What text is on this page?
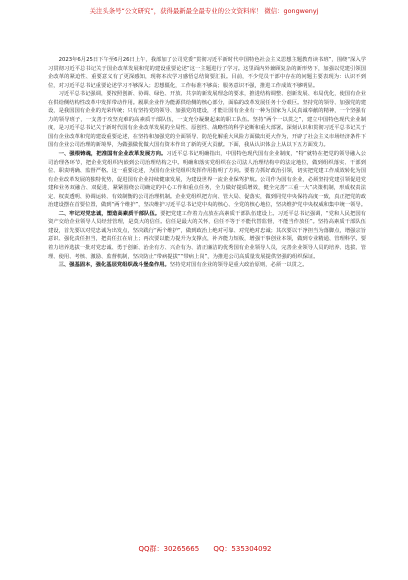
关注头条号“公文研究”，获得最新最全最专业的公文资料库！ 微信：gongwenyj

2023年6月25日下午至6月26日上午，我部加了公司党委“贯彻习近平新时代中国特色社会主义思想主题教育读书班”，围绕“深入学习贯彻习近平总书记关于国企改革发展和党的建设重要论述”这一主题进行了学习。这里面内外兼顾复杂的新形势下，加强以党建引领国企改革的紧迫性、重要意义有了更深感知，现将本次学习感悟总结简要汇报。目前，不少党员干部中存在的问题主要表现为：认识不到位，对习近平总书记重要论述学习不够深入；思想僵化，工作标准不够高；服务意识不强，推进工作成效不够明显。

习近平总书记强调，要按照创新、协调、绿色、开放、共享的新发展理念的要求，推进结构调整、创新发展、布局优化，使国有企业在供给侧结构性改革中发挥带动作用。履职企业作为能源供给侧的核心部分，面临的改革发展任务十分艰巨。坚持党的领导、加强党的建设，是我国国有企业的光荣传统；只有坚持党的领导、加强党的建设，才能让国有企业有一种为国家为人民真诚奉献的精神，一个坚强有力的领导班子，一支善于攻坚克难的高素质干部队伍，一支充分凝聚起来的职工队伍。坚持“两个一以贯之”，建立中国特色现代企业制度，是习近平总书记关于新时代国有企业改革发展的全局性、原创性、战略性的科学论断和重大部署。深刻认识和贯彻习近平总书记关于国有企业改革和党的建设重要论述，在坚持和加强党的全面领导、防范化解重大风险方面做出更大作为，开辟了社会主义市场经济条件下国有企业公司治理的新境界，为做强做优做大国有资本作出了新的更大贡献。下面，我从认识体会上从以下五方面发力。

一、强根铸魂，把准国有企业改革发展方向。习近平总书记明确指出，中国特色现代国有企业制度，“特”就特在把党的领导融入公司治理各环节，把企业党组织内嵌到公司治理结构之中。明确和落实党组织在公司法人治理结构中的法定地位，做到组织落实、干部到位、职责明确、监督严格。这一重要论述，为国有企业党组织发挥作用指明了方向。要着力抓好政治引领，切实把党建工作成效转化为国有企业改革发展的独特优势，促进国有企业持续健康发展，为建设世界一流企业保驾护航。公司作为国有企业，必须坚持党建引领促进党建和业务双融合、双促进，紧紧围绕公司确定的中心工作和重点任务，全力做好提质增效，健全完善“三重一大”决策机制，形成权责法定、权责透明、协调运转、有效制衡的公司治理机制。企业党组织把方向、管大局、促落实，做到同党中央保持高度一致，真正把党的政治建设摆在首要位置，做到“两个维护”，坚决维护习近平总书记党中央的核心、全党的核心地位，坚决维护党中央权威和集中统一领导。

二、牢记对党忠诚，塑造高素质干部队伍。要把党建工作着力点放在高素质干部队伍建设上。习近平总书记强调，“党和人民把国有资产交给企业领导人员经营管理，是莫大的信任。信任是最大的关怀，信任不等于不能代替监督，不能当作放任”。坚持高素质干部队伍建设，首先要以对党忠诚为出发点，坚决践行“两个维护”，做到政治上绝对可靠、对党绝对忠诚；其次要以干净担当为落脚点，增强宗旨意识、强化责任担当，把责任扛在肩上；再次要以能力提升为支撑点，补齐能力短板，增强干事创业本领，做到专业精通、管理科学。要着力培养选拔一批对党忠诚、勇于创新、治企有方、兴企有为、清正廉洁的优秀国有企业领导人员，完善企业领导人员的培养、选拔、管理、使用、考核、激励、监督机制，坚决防止“带病提拔”“带病上岗”，为推进公司高质量发展提供坚强的组织保证。

三、强基固本，强化基层党组织战斗堡垒作用。坚持党对国有企业的领导是重大政治原则，必须一以贯之。

QQ群：30265665 QQ：535304092
